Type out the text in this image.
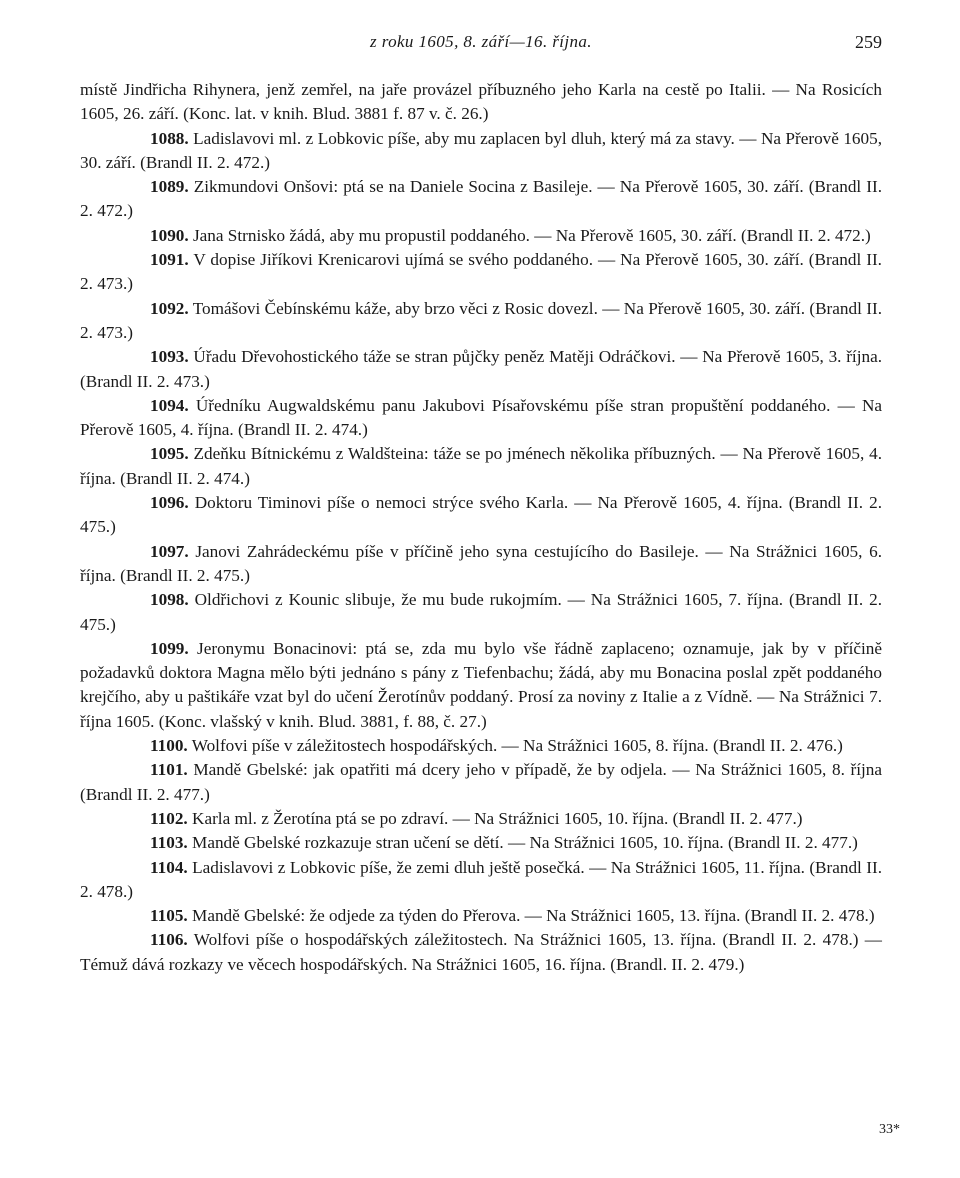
z roku 1605, 8. září—16. října.	259

místě Jindřicha Rihynera, jenž zemřel, na jaře provázel příbuzného jeho Karla na cestě po Italii. — Na Rosicích 1605, 26. září. (Konc. lat. v knih. Blud. 3881 f. 87 v. č. 26.)

1088. Ladislavovi ml. z Lobkovic píše, aby mu zaplacen byl dluh, který má za stavy. — Na Přerově 1605, 30. září. (Brandl II. 2. 472.)

1089. Zikmundovi Onšovi: ptá se na Daniele Socina z Basileje. — Na Přerově 1605, 30. září. (Brandl II. 2. 472.)

1090. Jana Strnisko žádá, aby mu propustil poddaného. — Na Přerově 1605, 30. září. (Brandl II. 2. 472.)

1091. V dopise Jiříkovi Krenicarovi ujímá se svého poddaného. — Na Přerově 1605, 30. září. (Brandl II. 2. 473.)

1092. Tomášovi Čebínskému káže, aby brzo věci z Rosic dovezl. — Na Přerově 1605, 30. září. (Brandl II. 2. 473.)

1093. Úřadu Dřevohostického táže se stran půjčky peněz Matěji Odráčkovi. — Na Přerově 1605, 3. října. (Brandl II. 2. 473.)

1094. Úředníku Augwaldskému panu Jakubovi Písařovskému píše stran propuštění poddaného. — Na Přerově 1605, 4. října. (Brandl II. 2. 474.)

1095. Zdeňku Bítnickému z Waldšteina: táže se po jménech několika příbuzných. — Na Přerově 1605, 4. října. (Brandl II. 2. 474.)

1096. Doktoru Timinovi píše o nemoci strýce svého Karla. — Na Přerově 1605, 4. října. (Brandl II. 2. 475.)

1097. Janovi Zahrádeckému píše v příčině jeho syna cestujícího do Basileje. — Na Strážnici 1605, 6. října. (Brandl II. 2. 475.)

1098. Oldřichovi z Kounic slibuje, že mu bude rukojmím. — Na Strážnici 1605, 7. října. (Brandl II. 2. 475.)

1099. Jeronymu Bonacinovi: ptá se, zda mu bylo vše řádně zaplaceno; oznamuje, jak by v příčině požadavků doktora Magna mělo býti jednáno s pány z Tiefenbachu; žádá, aby mu Bonacina poslal zpět poddaného krejčího, aby u paštikáře vzat byl do učení Žerotínův poddaný. Prosí za noviny z Italie a z Vídně. — Na Strážnici 7. října 1605. (Konc. vlašský v knih. Blud. 3881, f. 88, č. 27.)

1100. Wolfovi píše v záležitostech hospodářských. — Na Strážnici 1605, 8. října. (Brandl II. 2. 476.)

1101. Mandě Gbelské: jak opatřiti má dcery jeho v případě, že by odjela. — Na Strážnici 1605, 8. října (Brandl II. 2. 477.)

1102. Karla ml. z Žerotína ptá se po zdraví. — Na Strážnici 1605, 10. října. (Brandl II. 2. 477.)

1103. Mandě Gbelské rozkazuje stran učení se dětí. — Na Strážnici 1605, 10. října. (Brandl II. 2. 477.)

1104. Ladislavovi z Lobkovic píše, že zemi dluh ještě posečká. — Na Strážnici 1605, 11. října. (Brandl II. 2. 478.)

1105. Mandě Gbelské: že odjede za týden do Přerova. — Na Strážnici 1605, 13. října. (Brandl II. 2. 478.)

1106. Wolfovi píše o hospodářských záležitostech. Na Strážnici 1605, 13. října. (Brandl II. 2. 478.) — Témuž dává rozkazy ve věcech hospodářských. Na Strážnici 1605, 16. října. (Brandl. II. 2. 479.)

33*
